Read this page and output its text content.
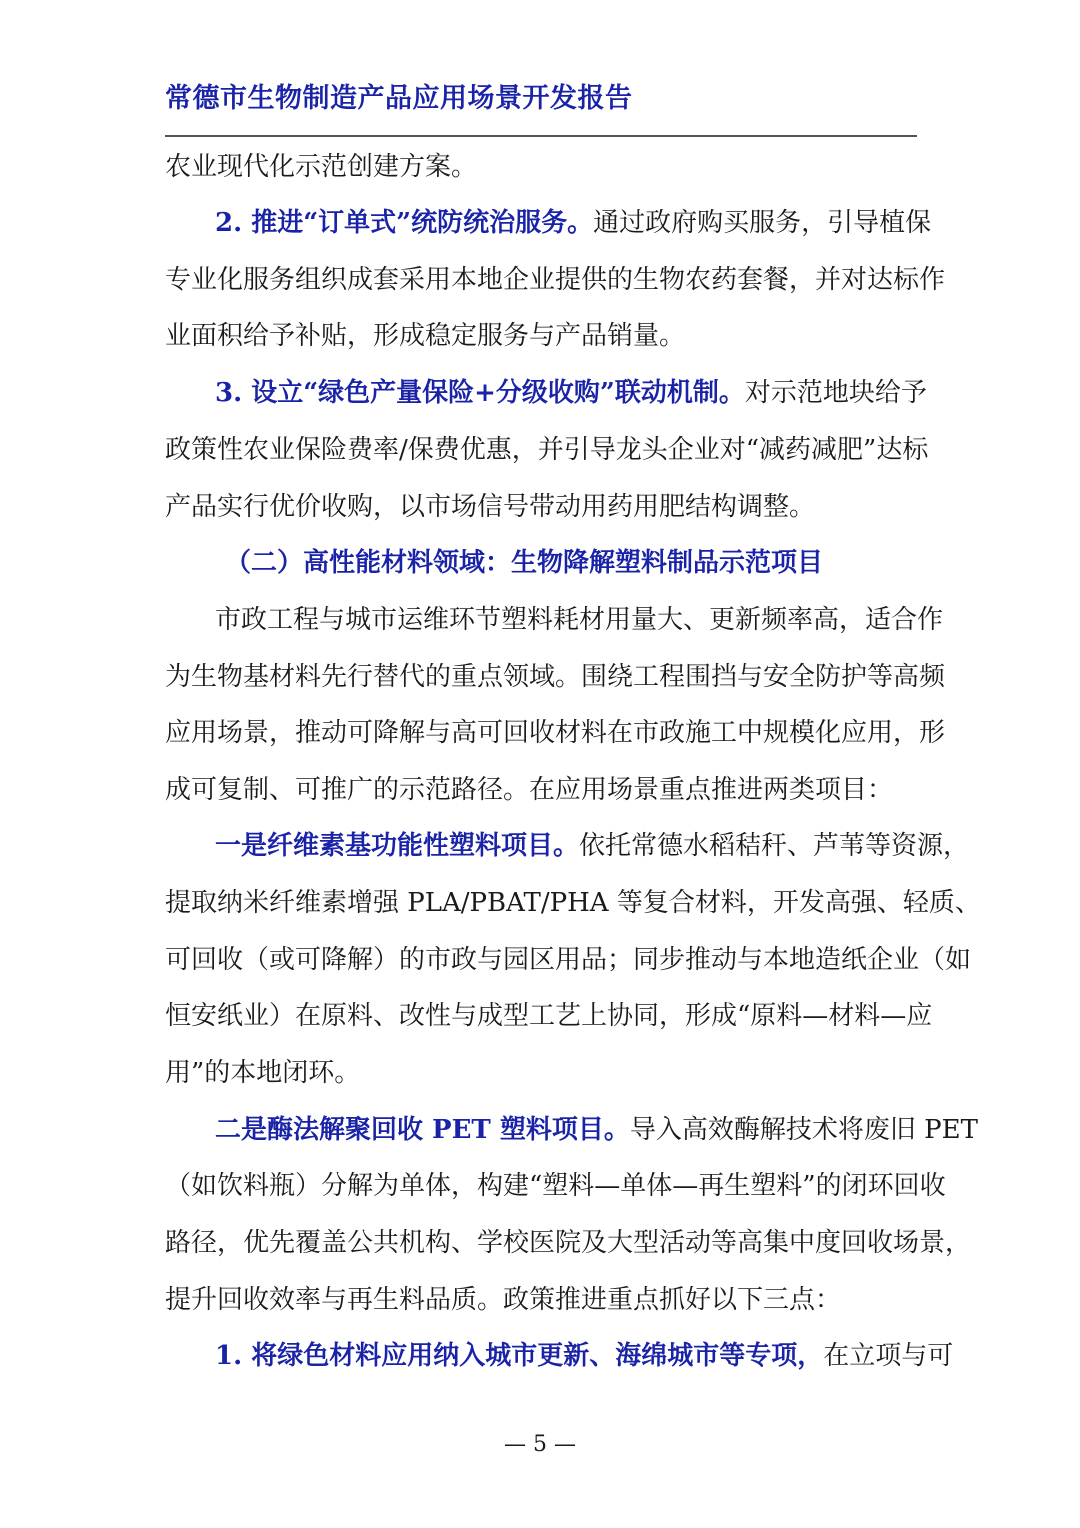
常德市生物制造产品应用场景开发报告
农业现代化示范创建方案。
2. 推进“订单式”统防统治服务。通过政府购买服务，引导植保
专业化服务组织成套采用本地企业提供的生物农药套餐，并对达标作
业面积给予补贴，形成稳定服务与产品销量。
3. 设立“绿色产量保险+分级收购”联动机制。对示范地块给予
政策性农业保险费率/保费优惠，并引导龙头企业对“减药减肥”达标
产品实行优价收购，以市场信号带动用药用肥结构调整。
（二）高性能材料领域：生物降解塑料制品示范项目
市政工程与城市运维环节塑料耗材用量大、更新频率高，适合作
为生物基材料先行替代的重点领域。围绕工程围挡与安全防护等高频
应用场景，推动可降解与高可回收材料在市政施工中规模化应用，形
成可复制、可推广的示范路径。在应用场景重点推进两类项目：
一是纤维素基功能性塑料项目。依托常德水稻秸秆、芦苇等资源，
提取纳米纤维素增强 PLA/PBAT/PHA 等复合材料，开发高强、轻质、
可回收（或可降解）的市政与园区用品；同步推动与本地造纸企业（如
恒安纸业）在原料、改性与成型工艺上协同，形成“原料—材料—应
用”的本地闭环。
二是酶法解聚回收 PET 塑料项目。导入高效酶解技术将废旧 PET
（如饮料瓶）分解为单体，构建“塑料—单体—再生塑料”的闭环回收
路径，优先覆盖公共机构、学校医院及大型活动等高集中度回收场景，
提升回收效率与再生料品质。政策推进重点抓好以下三点：
1. 将绿色材料应用纳入城市更新、海绵城市等专项，在立项与可
— 5 —
